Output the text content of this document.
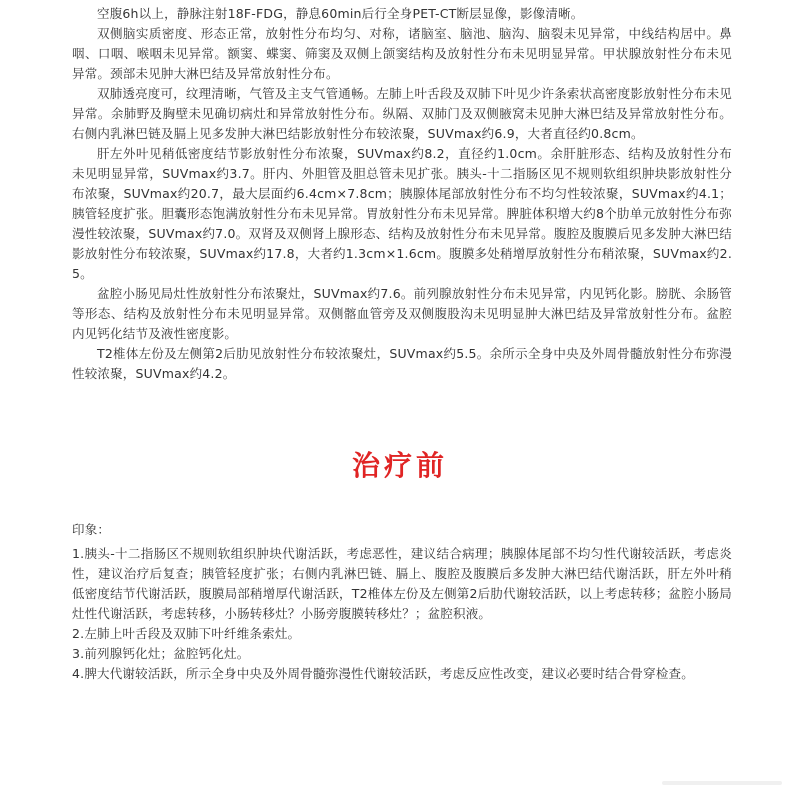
空腹6h以上，静脉注射18F-FDG，静息60min后行全身PET-CT断层显像，影像清晰。

双侧脑实质密度、形态正常，放射性分布均匀、对称，诸脑室、脑池、脑沟、脑裂未见异常，中线结构居中。鼻咽、口咽、喉咽未见异常。额窦、蝶窦、筛窦及双侧上颌窦结构及放射性分布未见明显异常。甲状腺放射性分布未见异常。颈部未见肿大淋巴结及异常放射性分布。

双肺透亮度可，纹理清晰，气管及主支气管通畅。左肺上叶舌段及双肺下叶见少许条索状高密度影放射性分布未见异常。余肺野及胸壁未见确切病灶和异常放射性分布。纵隔、双肺门及双侧腋窝未见肿大淋巴结及异常放射性分布。右侧内乳淋巴链及膈上见多发肿大淋巴结影放射性分布较浓聚，SUVmax约6.9，大者直径约0.8cm。

肝左外叶见稍低密度结节影放射性分布浓聚，SUVmax约8.2，直径约1.0cm。余肝脏形态、结构及放射性分布未见明显异常，SUVmax约3.7。肝内、外胆管及胆总管未见扩张。胰头-十二指肠区见不规则软组织肿块影放射性分布浓聚，SUVmax约20.7，最大层面约6.4cm×7.8cm；胰腺体尾部放射性分布不均匀性较浓聚，SUVmax约4.1；胰管轻度扩张。胆囊形态饱满放射性分布未见异常。胃放射性分布未见异常。脾脏体积增大约8个肋单元放射性分布弥漫性较浓聚，SUVmax约7.0。双肾及双侧肾上腺形态、结构及放射性分布未见异常。腹腔及腹膜后见多发肿大淋巴结影放射性分布较浓聚，SUVmax约17.8，大者约1.3cm×1.6cm。腹膜多处稍增厚放射性分布稍浓聚，SUVmax约2.5。

盆腔小肠见局灶性放射性分布浓聚灶，SUVmax约7.6。前列腺放射性分布未见异常，内见钙化影。膀胱、余肠管等形态、结构及放射性分布未见明显异常。双侧髂血管旁及双侧腹股沟未见明显肿大淋巴结及异常放射性分布。盆腔内见钙化结节及液性密度影。

T2椎体左份及左侧第2后肋见放射性分布较浓聚灶，SUVmax约5.5。余所示全身中央及外周骨髓放射性分布弥漫性较浓聚，SUVmax约4.2。

治疗前

印象：

1.胰头-十二指肠区不规则软组织肿块代谢活跃，考虑恶性，建议结合病理；胰腺体尾部不均匀性代谢较活跃，考虑炎性，建议治疗后复查；胰管轻度扩张；右侧内乳淋巴链、膈上、腹腔及腹膜后多发肿大淋巴结代谢活跃，肝左外叶稍低密度结节代谢活跃，腹膜局部稍增厚代谢活跃，T2椎体左份及左侧第2后肋代谢较活跃，以上考虑转移；盆腔小肠局灶性代谢活跃，考虑转移，小肠转移灶？小肠旁腹膜转移灶？；盆腔积液。

2.左肺上叶舌段及双肺下叶纤维条索灶。

3.前列腺钙化灶；盆腔钙化灶。

4.脾大代谢较活跃，所示全身中央及外周骨髓弥漫性代谢较活跃，考虑反应性改变，建议必要时结合骨穿检查。
